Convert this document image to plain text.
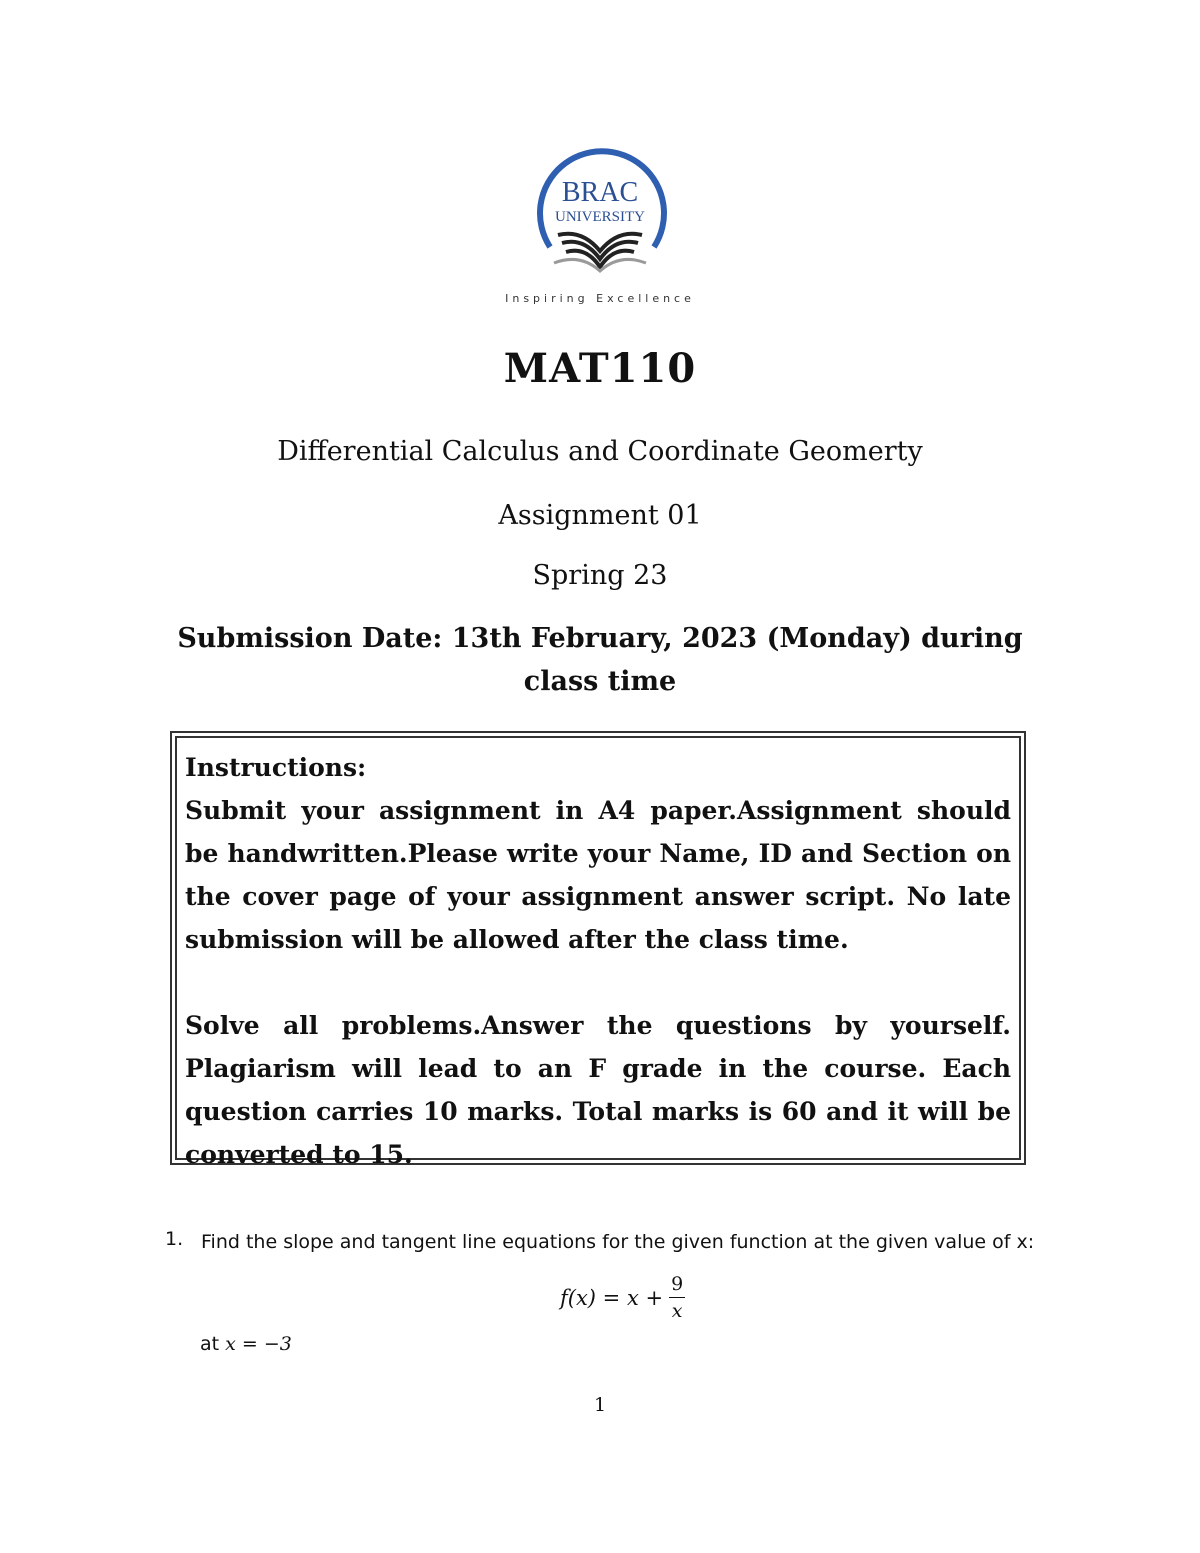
BRAC
UNIVERSITY
Inspiring Excellence
MAT110
Differential Calculus and Coordinate Geomerty
Assignment 01
Spring 23
Submission Date: 13th February, 2023 (Monday) during class time

Instructions:

Submit your assignment in A4 paper.Assignment should be handwritten.Please write your Name, ID and Section on the cover page of your assignment answer script. No late submission will be allowed after the class time.

Solve all problems.Answer the questions by yourself. Plagiarism will lead to an F grade in the course. Each question carries 10 marks. Total marks is 60 and it will be converted to 15.

1. Find the slope and tangent line equations for the given function at the given value of x:
$f(x) = x + \frac{9}{x}$
at x = −3
1
